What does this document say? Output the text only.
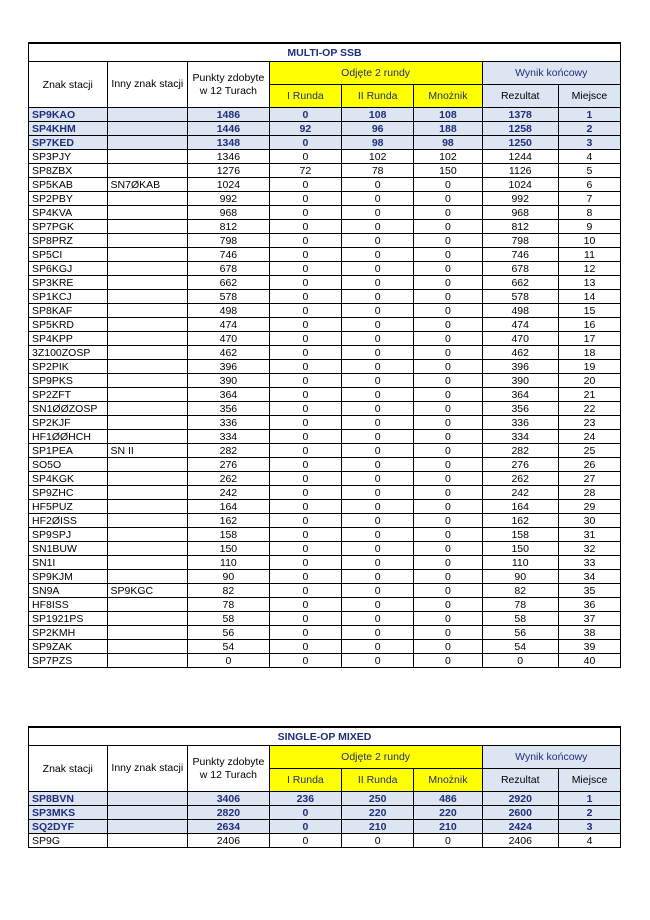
MULTI-OP SSB							
Znak stacji	Inny znak stacji	Punkty zdobyte w 12 Turach	Odjęte 2 rundy			Wynik końcowy	
			I Runda	II Runda	Mnożnik	Rezultat	Miejsce
SP9KAO		1486	0	108	108	1378	1
SP4KHM		1446	92	96	188	1258	2
SP7KED		1348	0	98	98	1250	3
SP3PJY		1346	0	102	102	1244	4
SP8ZBX		1276	72	78	150	1126	5
SP5KAB	SN7ØKAB	1024	0	0	0	1024	6
SP2PBY		992	0	0	0	992	7
SP4KVA		968	0	0	0	968	8
SP7PGK		812	0	0	0	812	9
SP8PRZ		798	0	0	0	798	10
SP5CI		746	0	0	0	746	11
SP6KGJ		678	0	0	0	678	12
SP3KRE		662	0	0	0	662	13
SP1KCJ		578	0	0	0	578	14
SP8KAF		498	0	0	0	498	15
SP5KRD		474	0	0	0	474	16
SP4KPP		470	0	0	0	470	17
3Z100ZOSP		462	0	0	0	462	18
SP2PIK		396	0	0	0	396	19
SP9PKS		390	0	0	0	390	20
SP2ZFT		364	0	0	0	364	21
SN1ØØZOSP		356	0	0	0	356	22
SP2KJF		336	0	0	0	336	23
HF1ØØHCH		334	0	0	0	334	24
SP1PEA	SN II	282	0	0	0	282	25
SO5O		276	0	0	0	276	26
SP4KGK		262	0	0	0	262	27
SP9ZHC		242	0	0	0	242	28
HF5PUZ		164	0	0	0	164	29
HF2ØISS		162	0	0	0	162	30
SP9SPJ		158	0	0	0	158	31
SN1BUW		150	0	0	0	150	32
SN1I		110	0	0	0	110	33
SP9KJM		90	0	0	0	90	34
SN9A	SP9KGC	82	0	0	0	82	35
HF8ISS		78	0	0	0	78	36
SP1921PS		58	0	0	0	58	37
SP2KMH		56	0	0	0	56	38
SP9ZAK		54	0	0	0	54	39
SP7PZS		0	0	0	0	0	40
SINGLE-OP MIXED							
Znak stacji	Inny znak stacji	Punkty zdobyte w 12 Turach	Odjęte 2 rundy			Wynik końcowy	
			I Runda	II Runda	Mnożnik	Rezultat	Miejsce
SP8BVN		3406	236	250	486	2920	1
SP3MKS		2820	0	220	220	2600	2
SQ2DYF		2634	0	210	210	2424	3
SP9G		2406	0	0	0	2406	4
